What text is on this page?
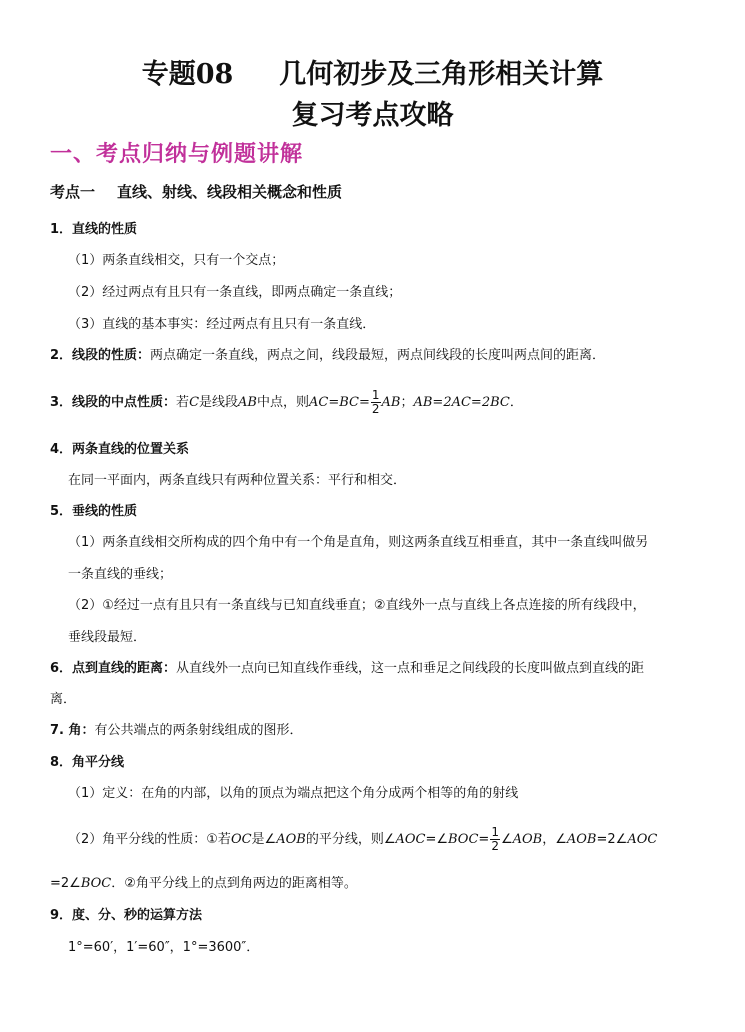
专题08 几何初步及三角形相关计算
复习考点攻略
一、考点归纳与例题讲解
考点一 直线、射线、线段相关概念和性质
1．直线的性质
（1）两条直线相交，只有一个交点；
（2）经过两点有且只有一条直线，即两点确定一条直线；
（3）直线的基本事实：经过两点有且只有一条直线．
2．线段的性质：两点确定一条直线，两点之间，线段最短，两点间线段的长度叫两点间的距离．
3．线段的中点性质：若C是线段AB中点，则$AC=BC= \frac{1}{2}$ AB；AB=2AC=2BC．
4．两条直线的位置关系
在同一平面内，两条直线只有两种位置关系：平行和相交．
5．垂线的性质
（1）两条直线相交所构成的四个角中有一个角是直角，则这两条直线互相垂直，其中一条直线叫做另
一条直线的垂线；
（2）①经过一点有且只有一条直线与已知直线垂直；②直线外一点与直线上各点连接的所有线段中，
垂线段最短．
6．点到直线的距离：从直线外一点向已知直线作垂线，这一点和垂足之间线段的长度叫做点到直线的距
离．
7. 角：有公共端点的两条射线组成的图形．
8．角平分线
（1）定义：在角的内部，以角的顶点为端点把这个角分成两个相等的角的射线
（2）角平分线的性质：①若OC是∠AOB的平分线，则∠AOC=∠BOC= $\frac{1}{2}$ ∠AOB，∠AOB=2∠AOC
=2∠BOC．②角平分线上的点到角两边的距离相等。
9．度、分、秒的运算方法
1°=60′，1′=60″，1°=3600″．
